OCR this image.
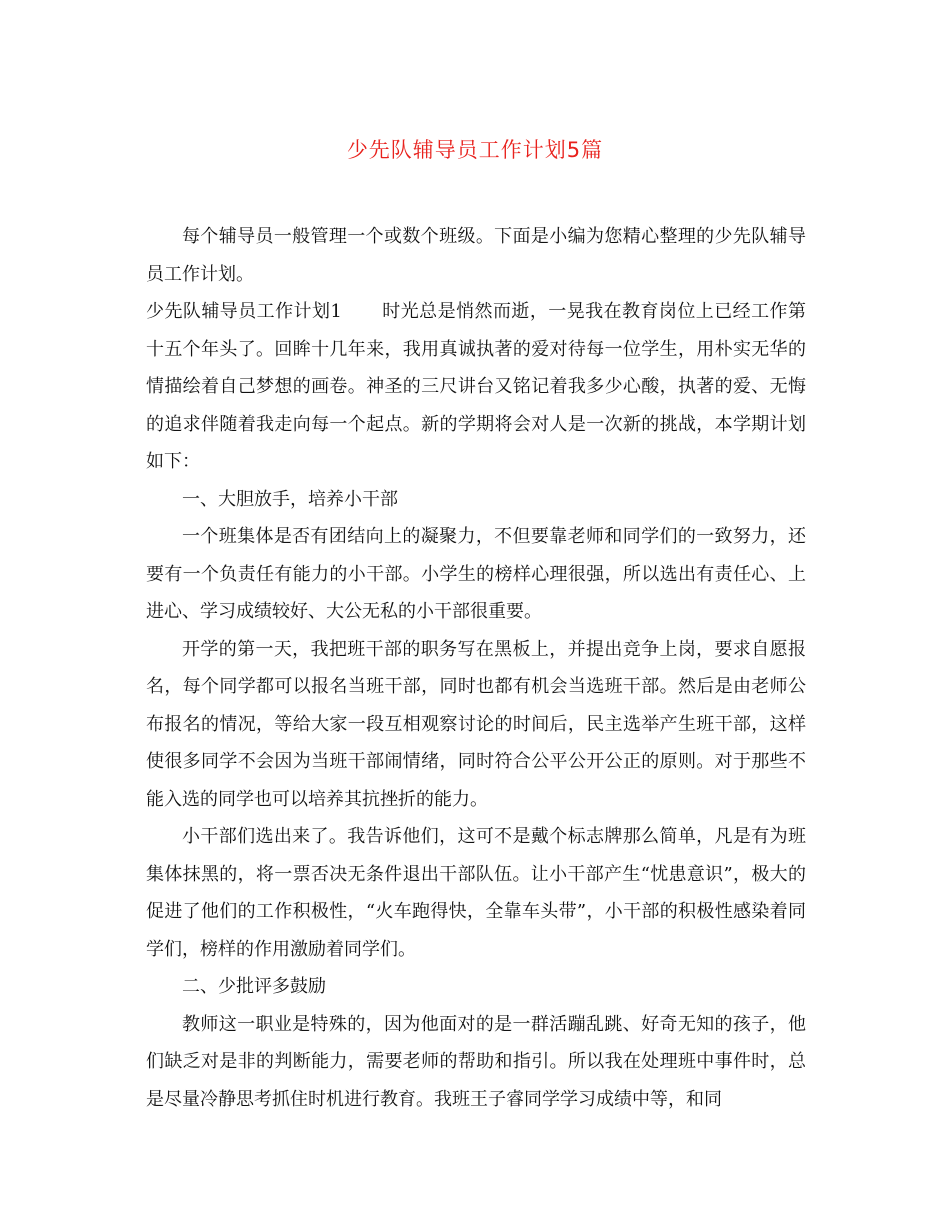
少先队辅导员工作计划5篇

每个辅导员一般管理一个或数个班级。下面是小编为您精心整理的少先队辅导员工作计划。

少先队辅导员工作计划1 时光总是悄然而逝，一晃我在教育岗位上已经工作第十五个年头了。回眸十几年来，我用真诚执著的爱对待每一位学生，用朴实无华的情描绘着自己梦想的画卷。神圣的三尺讲台又铭记着我多少心酸，执著的爱、无悔的追求伴随着我走向每一个起点。新的学期将会对人是一次新的挑战，本学期计划如下：

一、大胆放手，培养小干部

一个班集体是否有团结向上的凝聚力，不但要靠老师和同学们的一致努力，还要有一个负责任有能力的小干部。小学生的榜样心理很强，所以选出有责任心、上进心、学习成绩较好、大公无私的小干部很重要。

开学的第一天，我把班干部的职务写在黑板上，并提出竞争上岗，要求自愿报名，每个同学都可以报名当班干部，同时也都有机会当选班干部。然后是由老师公布报名的情况，等给大家一段互相观察讨论的时间后，民主选举产生班干部，这样使很多同学不会因为当班干部闹情绪，同时符合公平公开公正的原则。对于那些不能入选的同学也可以培养其抗挫折的能力。

小干部们选出来了。我告诉他们，这可不是戴个标志牌那么简单，凡是有为班集体抹黑的，将一票否决无条件退出干部队伍。让小干部产生“忧患意识”，极大的促进了他们的工作积极性，“火车跑得快，全靠车头带”，小干部的积极性感染着同学们，榜样的作用激励着同学们。

二、少批评多鼓励

教师这一职业是特殊的，因为他面对的是一群活蹦乱跳、好奇无知的孩子，他们缺乏对是非的判断能力，需要老师的帮助和指引。所以我在处理班中事件时，总是尽量冷静思考抓住时机进行教育。我班王子睿同学学习成绩中等，和同
